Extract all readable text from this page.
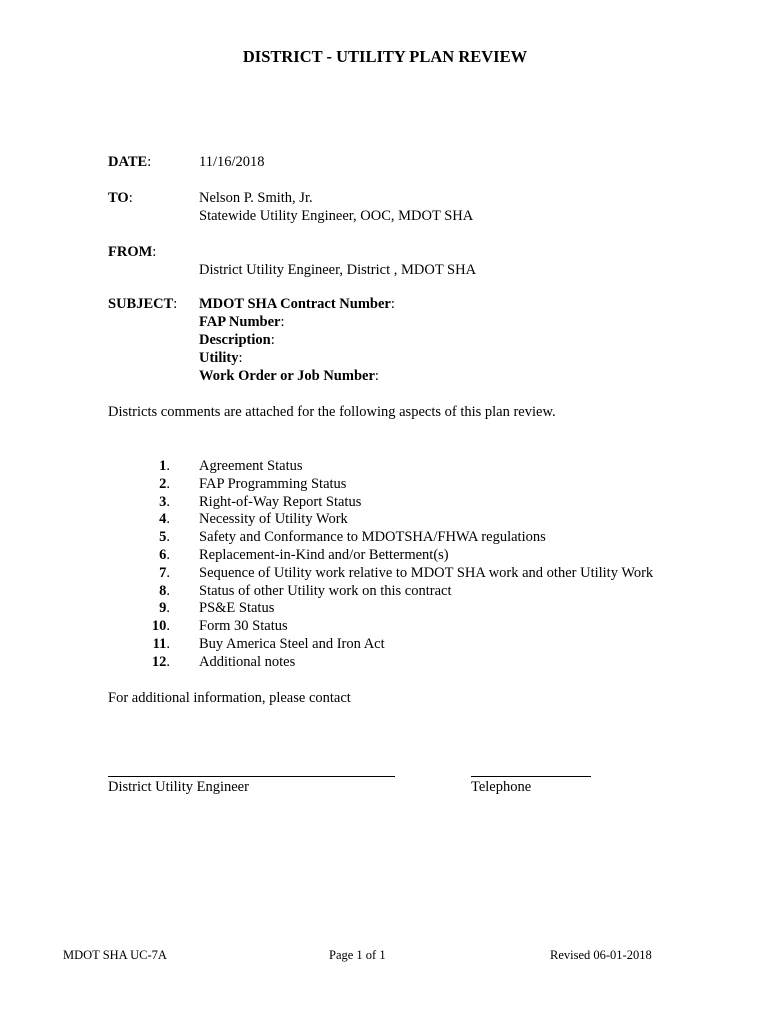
DISTRICT - UTILITY PLAN REVIEW
DATE:	11/16/2018
TO:	Nelson P. Smith, Jr.
Statewide Utility Engineer, OOC, MDOT SHA
FROM:
District Utility Engineer, District , MDOT SHA
SUBJECT: MDOT SHA Contract Number:
FAP Number:
Description:
Utility:
Work Order or Job Number:
Districts comments are attached for the following aspects of this plan review.
1. Agreement Status
2. FAP Programming Status
3. Right-of-Way Report Status
4. Necessity of Utility Work
5. Safety and Conformance to MDOTSHA/FHWA regulations
6. Replacement-in-Kind and/or Betterment(s)
7. Sequence of Utility work relative to MDOT SHA work and other Utility Work
8. Status of other Utility work on this contract
9. PS&E Status
10. Form 30 Status
11. Buy America Steel and Iron Act
12. Additional notes
For additional information, please contact
District Utility Engineer	Telephone
MDOT SHA UC-7A	Page 1 of 1	Revised 06-01-2018
